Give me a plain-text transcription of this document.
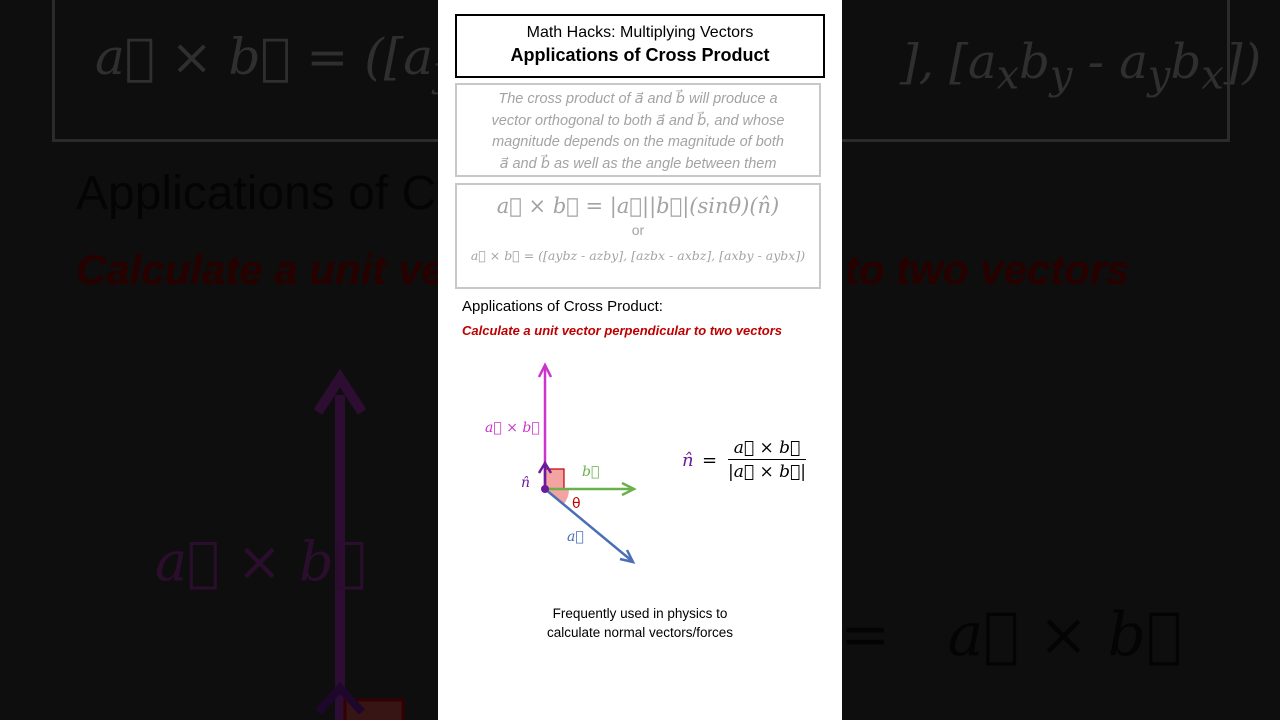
Math Hacks: Multiplying Vectors
Applications of Cross Product
The cross product of a⃗ and b⃗ will produce a
vector orthogonal to both a⃗ and b⃗, and whose
magnitude depends on the magnitude of both
a⃗ and b⃗ as well as the angle between them
a⃗ × b⃗ = |a⃗||b⃗|(sinθ)(n̂)
or
a⃗ × b⃗ = ([aybz - azby], [azbx - axbz], [axby - aybx])
Applications of Cross Product:
Calculate a unit vector perpendicular to two vectors
a⃗ × b⃗
b⃗
a⃗
n̂
θ
n̂ = $\frac{a⃗ \times b⃗}{|a⃗ \times b⃗|}$
Frequently used in physics to
calculate normal vectors/forces
